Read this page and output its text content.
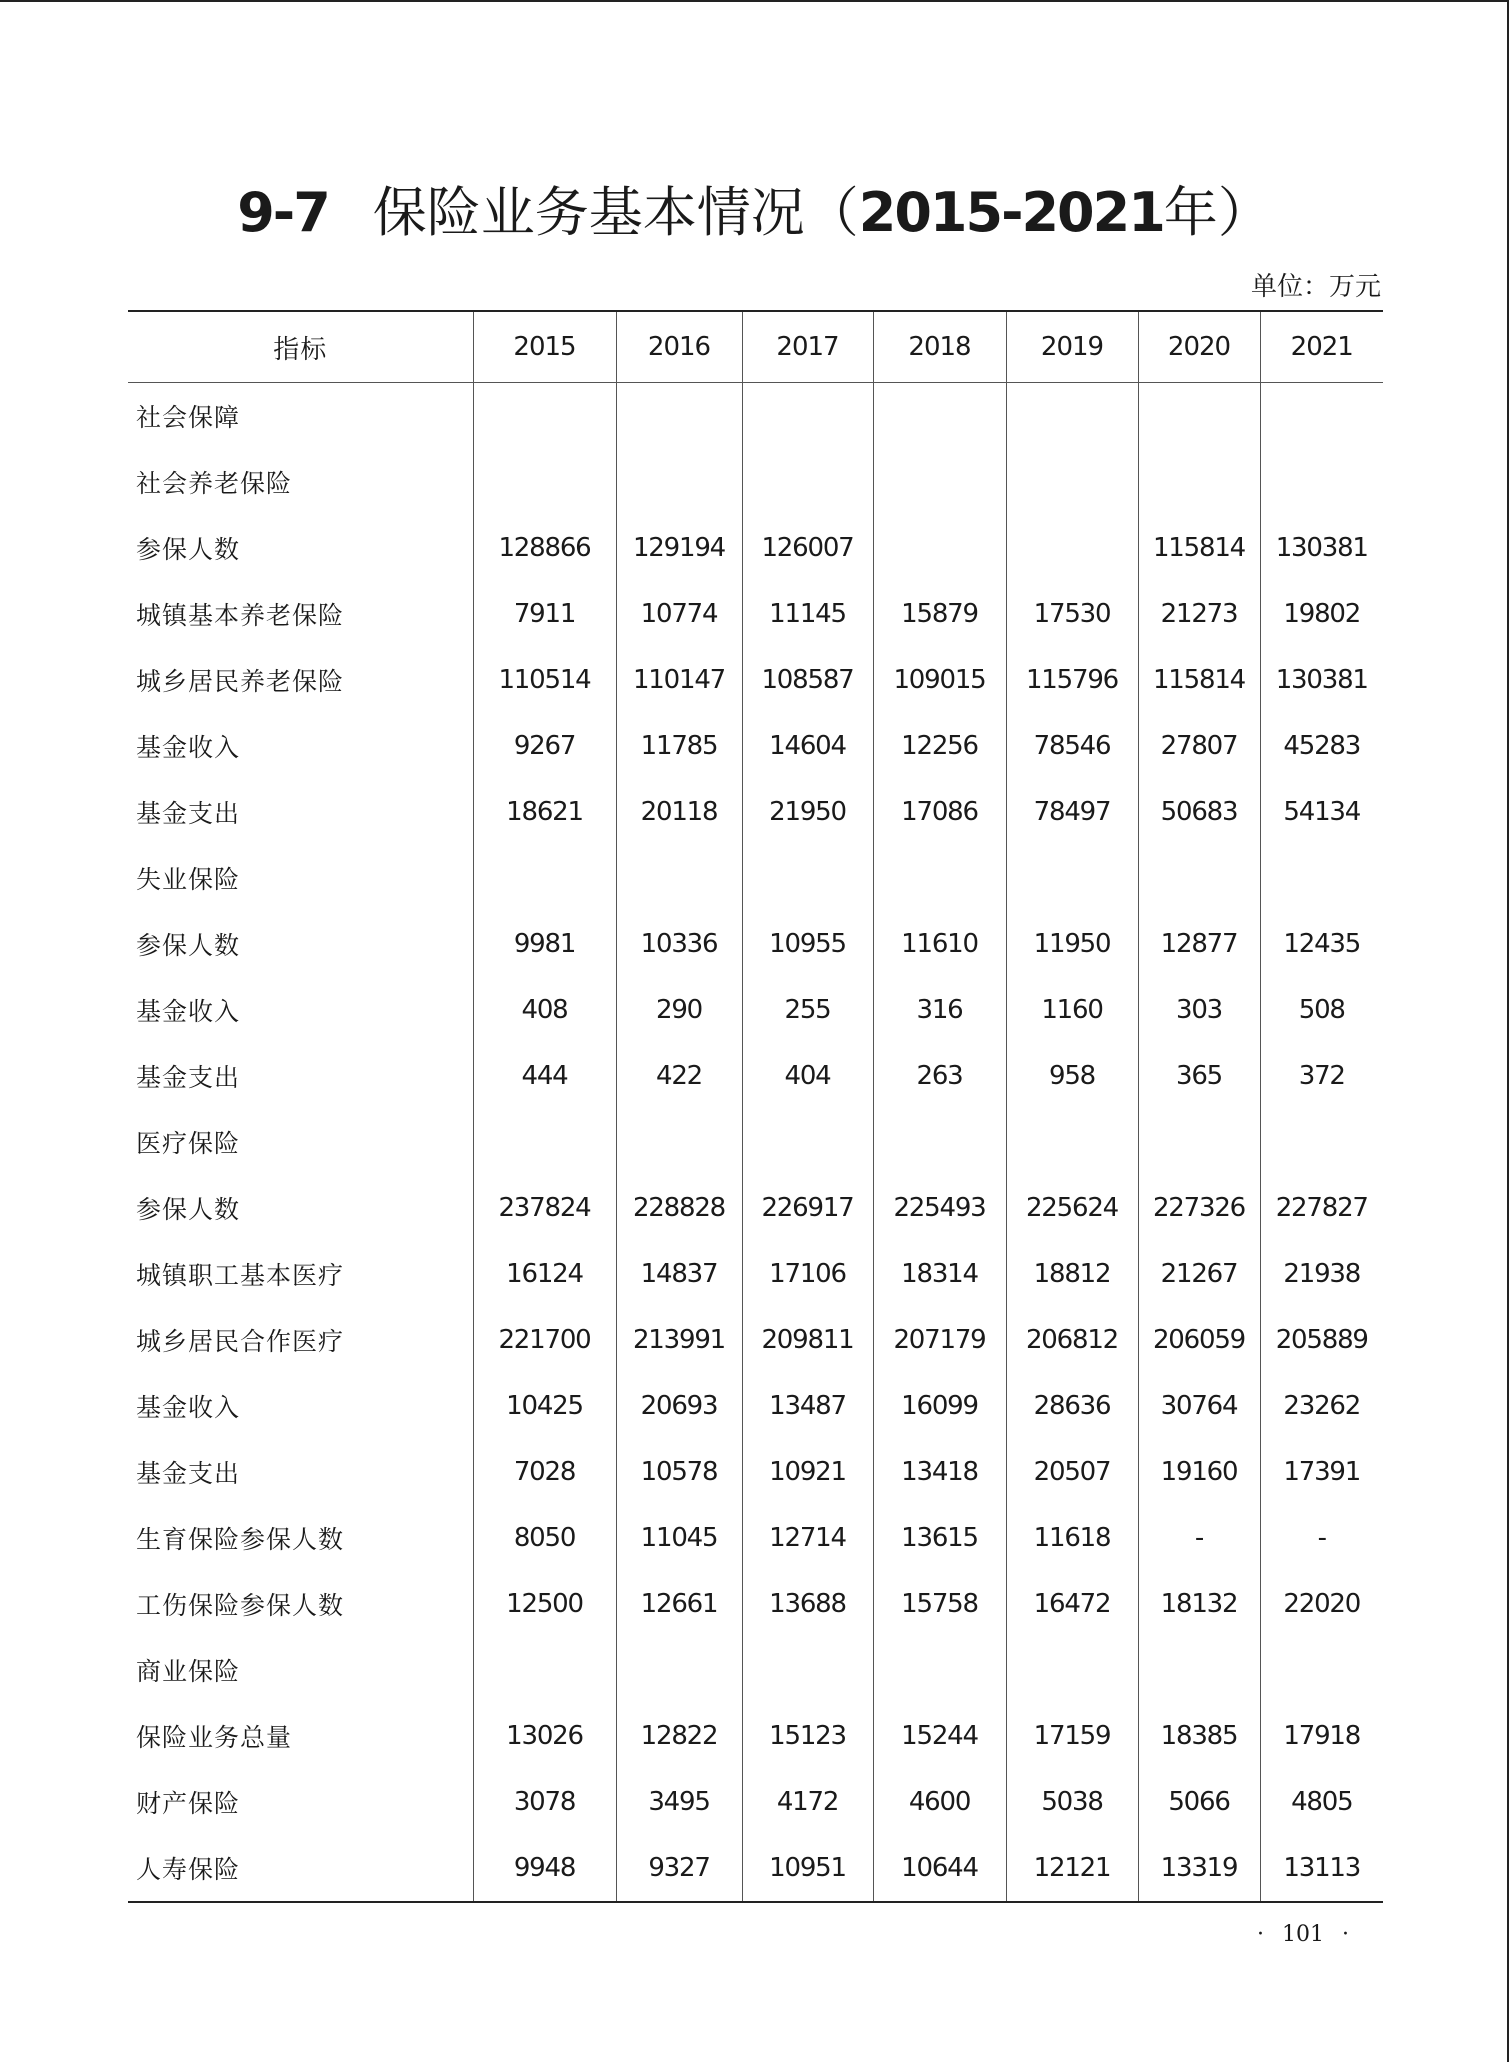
9-7 保险业务基本情况（2015-2021年）
单位：万元
指标	2015	2016	2017	2018	2019	2020	2021
社会保障							
社会养老保险							
参保人数	128866	129194	126007			115814	130381
城镇基本养老保险	7911	10774	11145	15879	17530	21273	19802
城乡居民养老保险	110514	110147	108587	109015	115796	115814	130381
基金收入	9267	11785	14604	12256	78546	27807	45283
基金支出	18621	20118	21950	17086	78497	50683	54134
失业保险							
参保人数	9981	10336	10955	11610	11950	12877	12435
基金收入	408	290	255	316	1160	303	508
基金支出	444	422	404	263	958	365	372
医疗保险							
参保人数	237824	228828	226917	225493	225624	227326	227827
城镇职工基本医疗	16124	14837	17106	18314	18812	21267	21938
城乡居民合作医疗	221700	213991	209811	207179	206812	206059	205889
基金收入	10425	20693	13487	16099	28636	30764	23262
基金支出	7028	10578	10921	13418	20507	19160	17391
生育保险参保人数	8050	11045	12714	13615	11618	-	-
工伤保险参保人数	12500	12661	13688	15758	16472	18132	22020
商业保险							
保险业务总量	13026	12822	15123	15244	17159	18385	17918
财产保险	3078	3495	4172	4600	5038	5066	4805
人寿保险	9948	9327	10951	10644	12121	13319	13113
· 101 ·
